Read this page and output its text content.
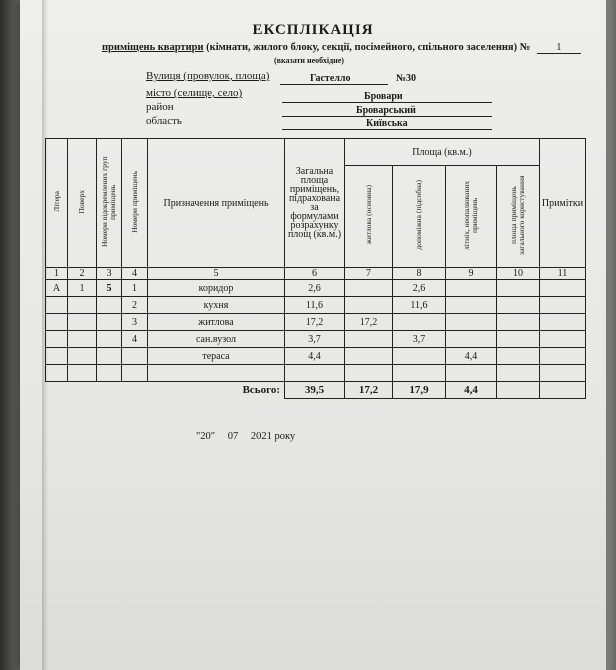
ЕКСПЛІКАЦІЯ
приміщень квартири (кімнати, жилого блоку, секції, посімейного, спільного заселення) № 1
(вказати необхідне)
Вулиця (провулок, площа)	Гастелло	№30
місто (селище, село)	Бровари
район	Броварський
область	Київська
Літера	Поверх	Номери відокремлених груп приміщень	Номери приміщень	Призначення приміщень	Загальна площа приміщень, підрахована за формулами розрахунку площ (кв.м.)	Площа (кв.м.)				Примітки
						житлова (основна)	допоміжна (підсобна)	літніх, неопалюваних приміщень	площа приміщень загального користування	
1	2	3	4	5	6	7	8	9	10	11
А	1	5	1	коридор	2,6		2,6			
			2	кухня	11,6		11,6			
			3	житлова	17,2	17,2				
			4	сан.вузол	3,7		3,7			
				тераса	4,4			4,4		

Всього:					39,5	17,2	17,9	4,4		
"20" 07 2021 року
